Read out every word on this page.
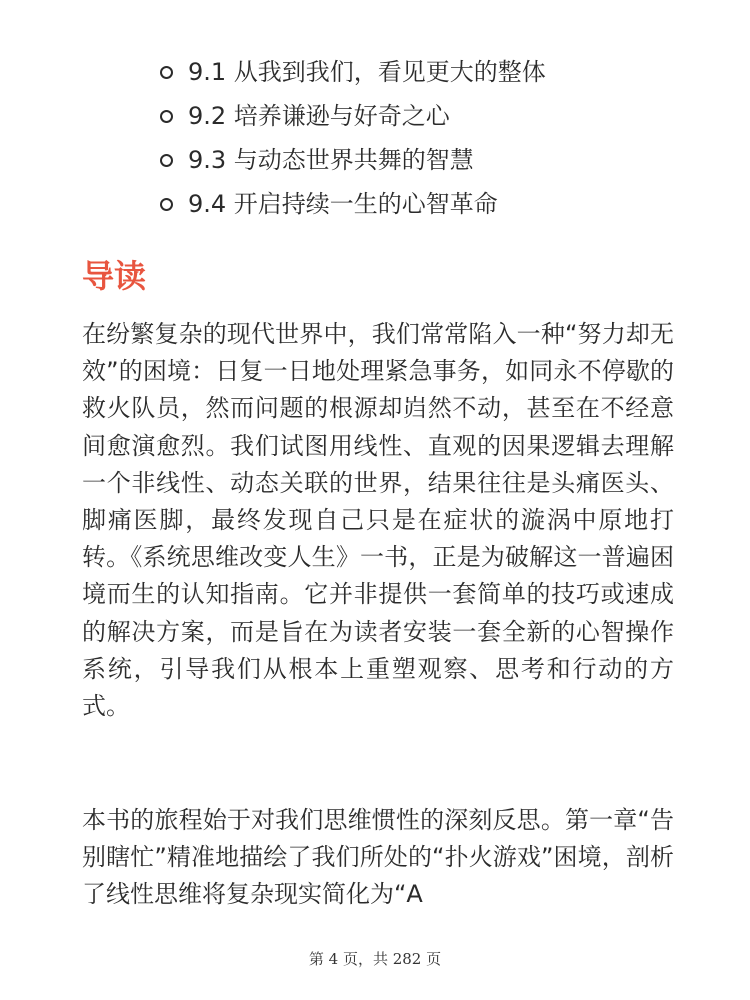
9.1 从我到我们，看见更大的整体
9.2 培养谦逊与好奇之心
9.3 与动态世界共舞的智慧
9.4 开启持续一生的心智革命
导读

在纷繁复杂的现代世界中，我们常常陷入一种“努力却无效”的困境：日复一日地处理紧急事务，如同永不停歇的救火队员，然而问题的根源却岿然不动，甚至在不经意间愈演愈烈。我们试图用线性、直观的因果逻辑去理解一个非线性、动态关联的世界，结果往往是头痛医头、脚痛医脚，最终发现自己只是在症状的漩涡中原地打转。《系统思维改变人生》一书，正是为破解这一普遍困境而生的认知指南。它并非提供一套简单的技巧或速成的解决方案，而是旨在为读者安装一套全新的心智操作系统，引导我们从根本上重塑观察、思考和行动的方式。

本书的旅程始于对我们思维惯性的深刻反思。第一章“告别瞎忙”精准地描绘了我们所处的“扑火游戏”困境，剖析了线性思维将复杂现实简化为“A

第 4 页，共 282 页
